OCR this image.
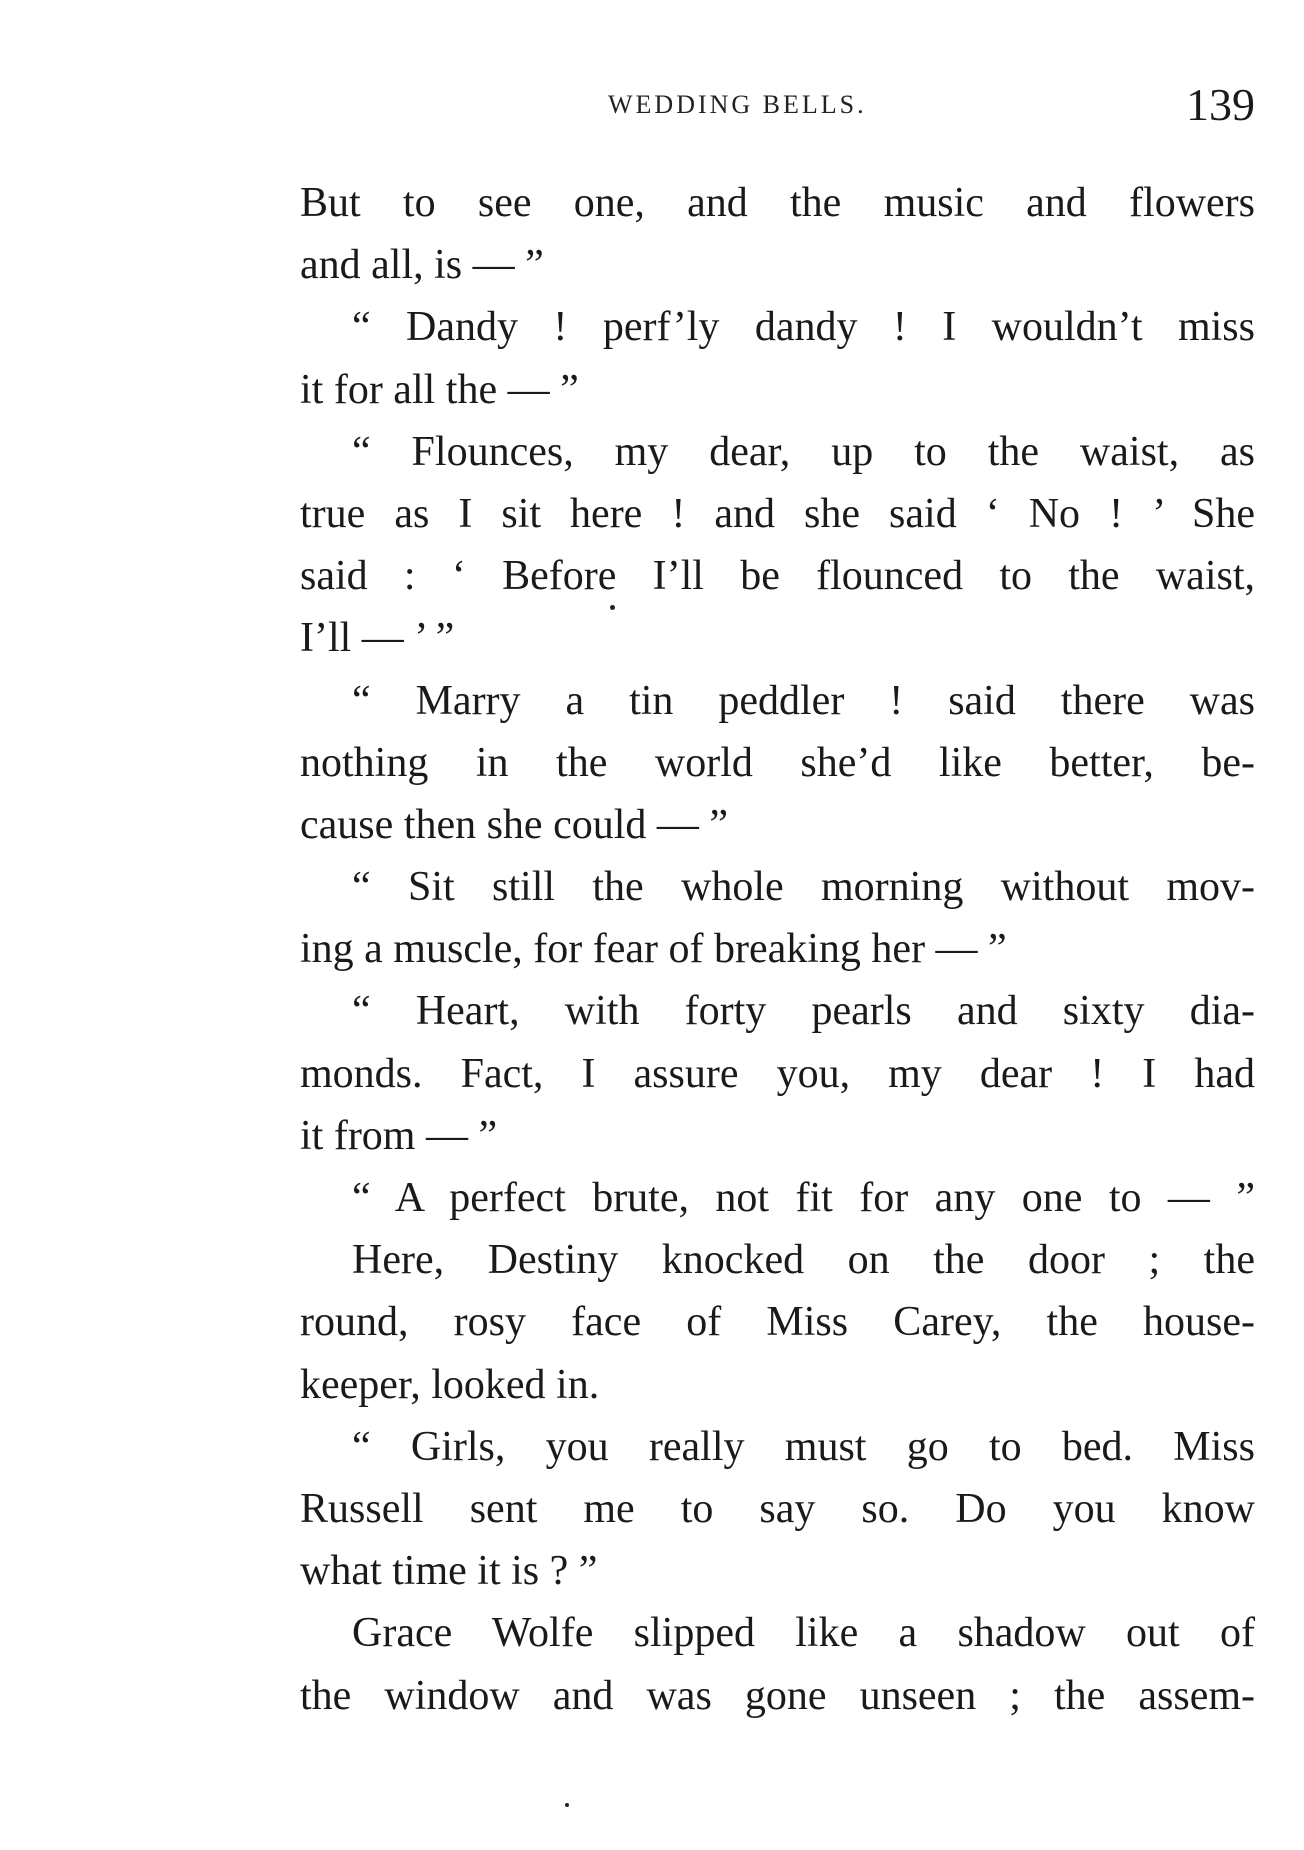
WEDDING BELLS.	139
But to see one, and the music and flowers
and all, is — ”
“ Dandy ! perf’ly dandy ! I wouldn’t miss
it for all the — ”
“ Flounces, my dear, up to the waist, as
true as I sit here ! and she said ‘ No ! ’ She
said : ‘ Before I’ll be flounced to the waist,
I’ll — ’ ”
“ Marry a tin peddler ! said there was
nothing in the world she’d like better, be-
cause then she could — ”
“ Sit still the whole morning without mov-
ing a muscle, for fear of breaking her — ”
“ Heart, with forty pearls and sixty dia-
monds. Fact, I assure you, my dear ! I had
it from — ”
“ A perfect brute, not fit for any one to — ”
Here, Destiny knocked on the door ; the
round, rosy face of Miss Carey, the house-
keeper, looked in.
“ Girls, you really must go to bed. Miss
Russell sent me to say so. Do you know
what time it is ? ”
Grace Wolfe slipped like a shadow out of
the window and was gone unseen ; the assem-
